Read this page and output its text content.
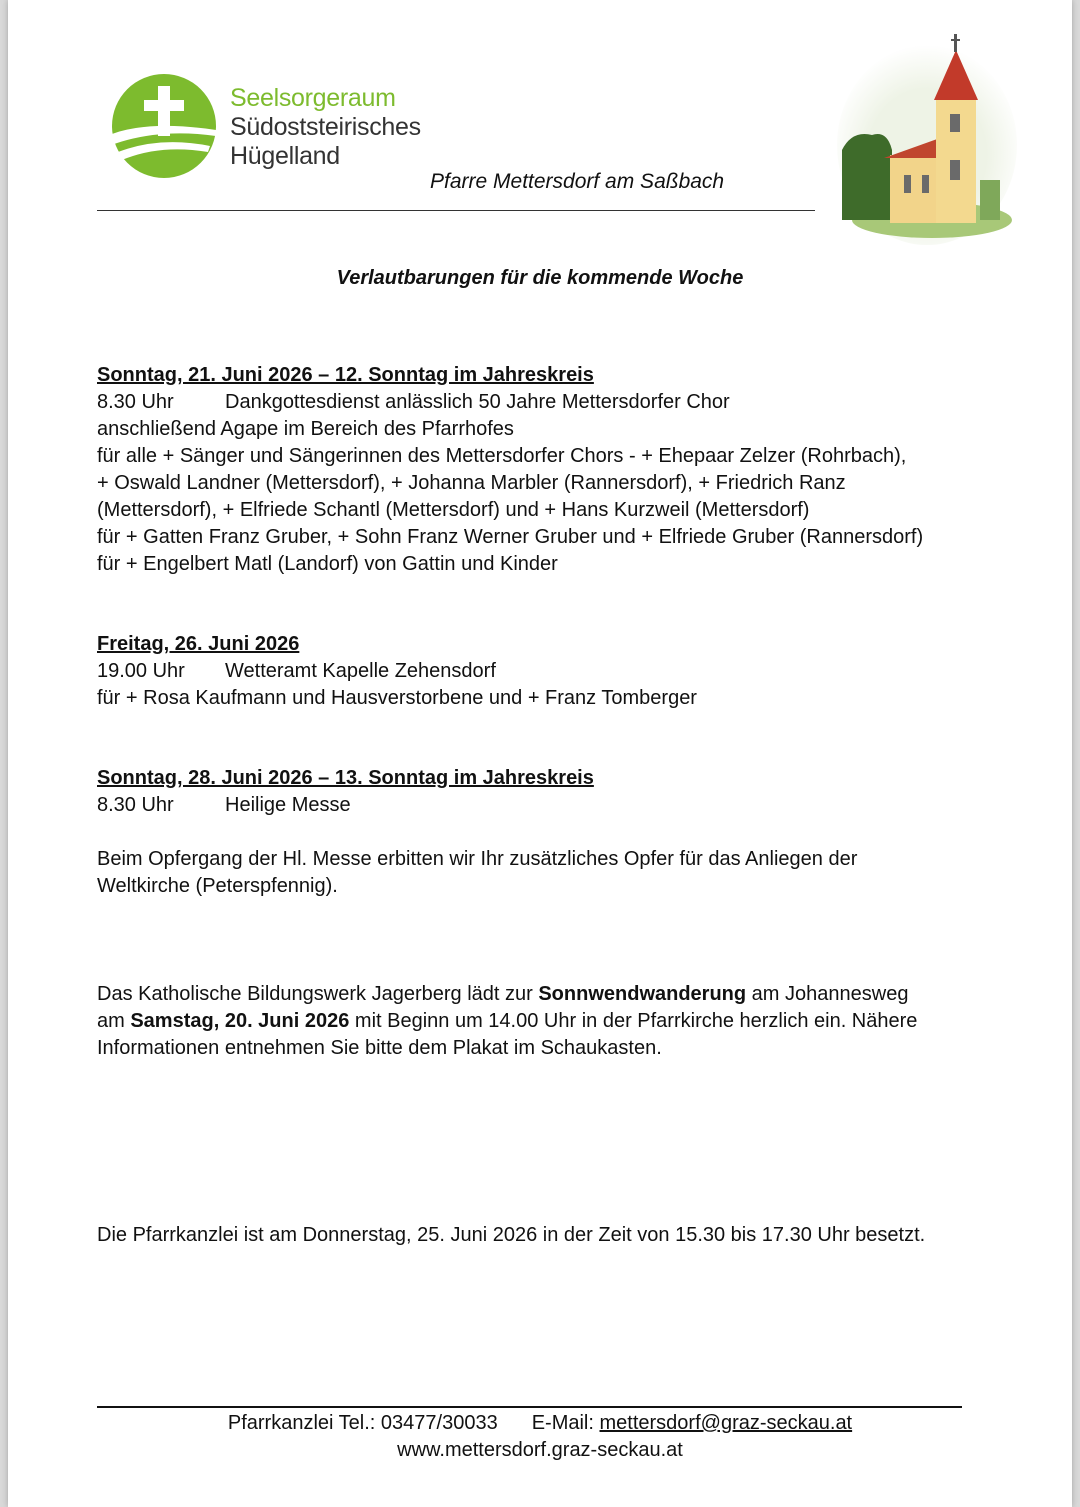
Seelsorgeraum
Südoststeirisches
Hügelland
Pfarre Mettersdorf am Saßbach
Verlautbarungen für die kommende Woche

Sonntag, 21. Juni 2026 – 12. Sonntag im Jahreskreis

8.30 Uhr	Dankgottesdienst anlässlich 50 Jahre Mettersdorfer Chor

anschließend Agape im Bereich des Pfarrhofes

für alle + Sänger und Sängerinnen des Mettersdorfer Chors - + Ehepaar Zelzer (Rohrbach),

+ Oswald Landner (Mettersdorf), + Johanna Marbler (Rannersdorf), + Friedrich Ranz

(Mettersdorf), + Elfriede Schantl (Mettersdorf) und + Hans Kurzweil (Mettersdorf)

für + Gatten Franz Gruber, + Sohn Franz Werner Gruber und + Elfriede Gruber (Rannersdorf)

für + Engelbert Matl (Landorf) von Gattin und Kinder

Freitag, 26. Juni 2026

19.00 Uhr Wetteramt Kapelle Zehensdorf

für + Rosa Kaufmann und Hausverstorbene und + Franz Tomberger

Sonntag, 28. Juni 2026 – 13. Sonntag im Jahreskreis

8.30 Uhr	Heilige Messe

Beim Opfergang der Hl. Messe erbitten wir Ihr zusätzliches Opfer für das Anliegen der

Weltkirche (Peterspfennig).

Das Katholische Bildungswerk Jagerberg lädt zur Sonnwendwanderung am Johannesweg

am Samstag, 20. Juni 2026 mit Beginn um 14.00 Uhr in der Pfarrkirche herzlich ein. Nähere

Informationen entnehmen Sie bitte dem Plakat im Schaukasten.

Die Pfarrkanzlei ist am Donnerstag, 25. Juni 2026 in der Zeit von 15.30 bis 17.30 Uhr besetzt.

Pfarrkanzlei Tel.: 03477/30033 E-Mail: mettersdorf@graz-seckau.at
www.mettersdorf.graz-seckau.at
